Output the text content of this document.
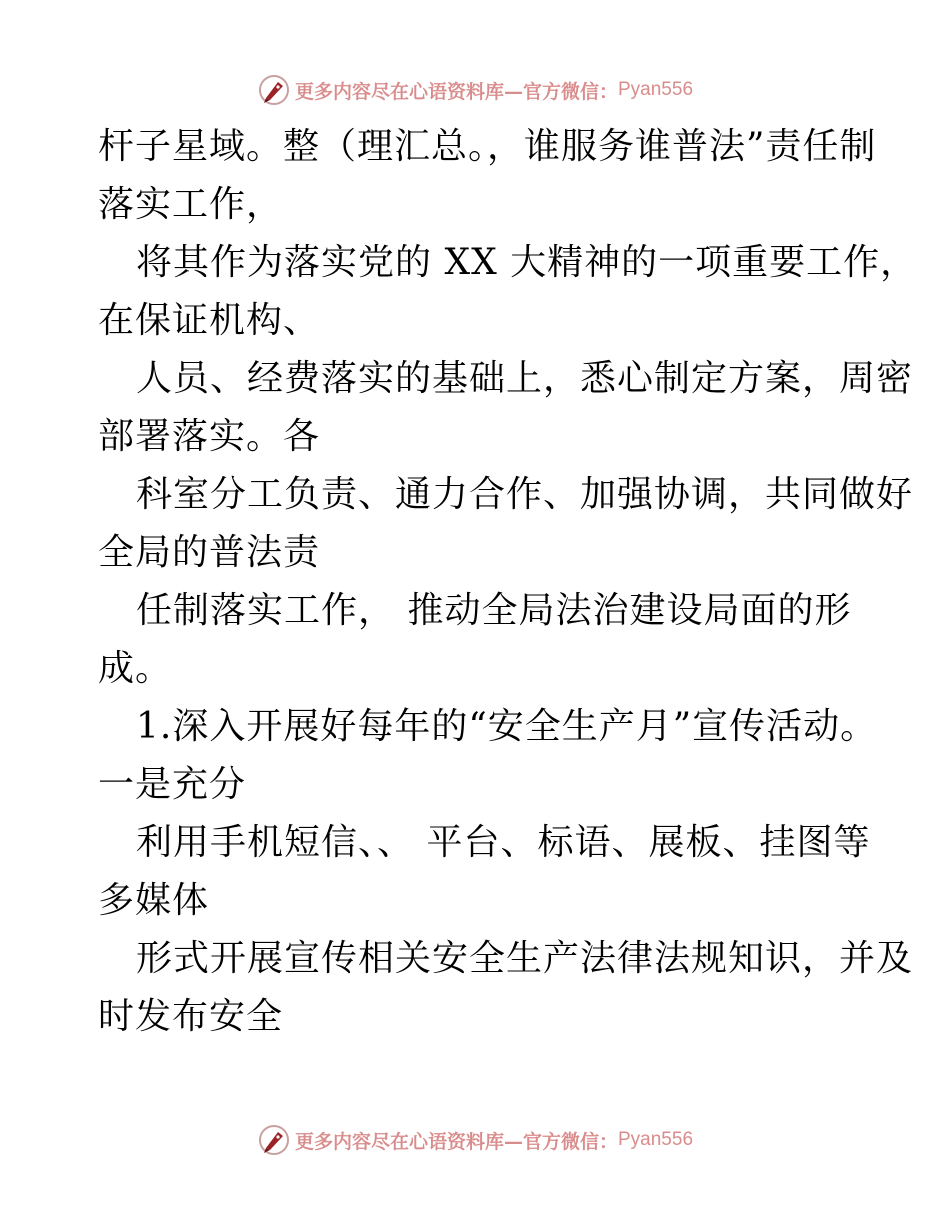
更多内容尽在心语资料库—官方微信： Pyan556
杆子星域。整（理汇总。，谁服务谁普法”责任制
落实工作，
将其作为落实党的 XX 大精神的一项重要工作，
在保证机构、
人员、经费落实的基础上，悉心制定方案，周密
部署落实。各
科室分工负责、通力合作、加强协调，共同做好
全局的普法责
任制落实工作， 推动全局法治建设局面的形
成。
1.深入开展好每年的“安全生产月”宣传活动。
一是充分
利用手机短信、、 平台、标语、展板、挂图等
多媒体
形式开展宣传相关安全生产法律法规知识，并及
时发布安全
更多内容尽在心语资料库—官方微信： Pyan556
